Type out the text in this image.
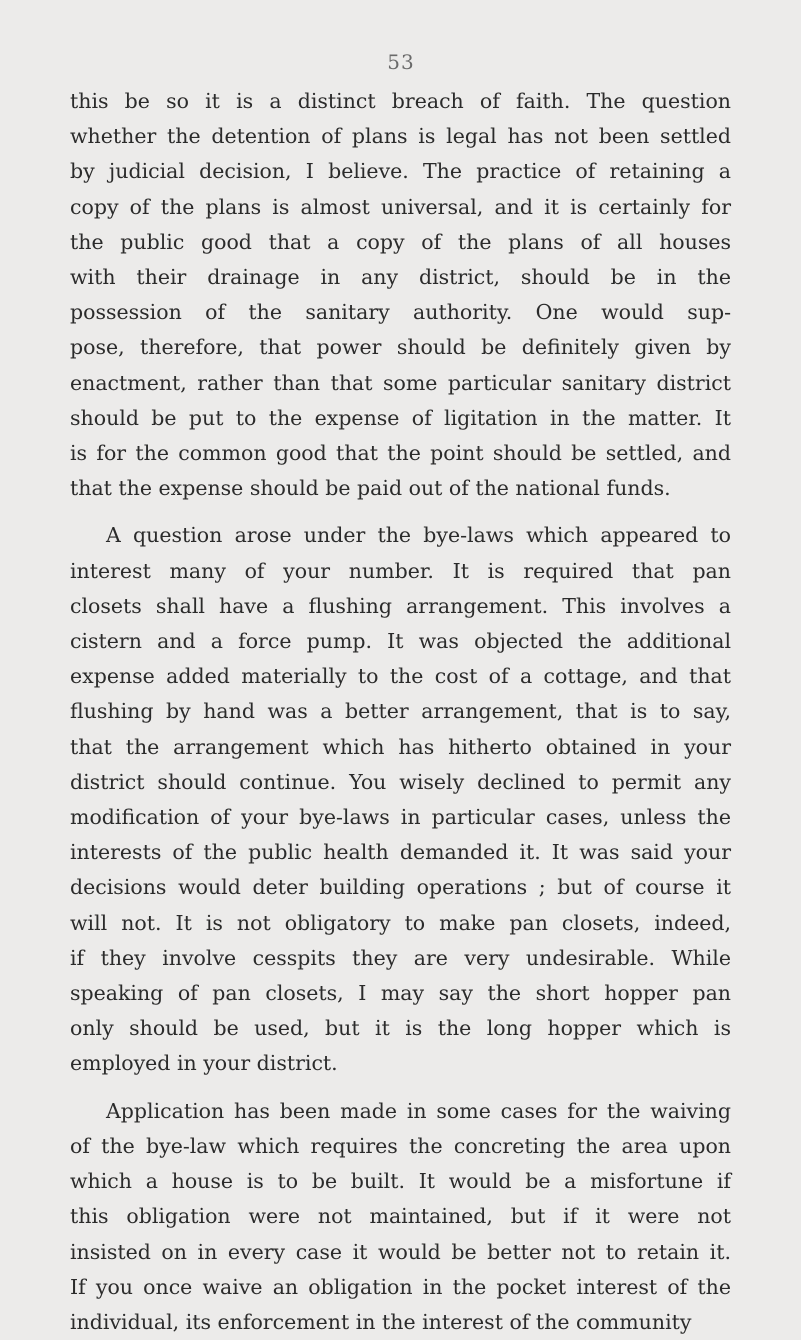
53

this be so it is a distinct breach of faith. The question
whether the detention of plans is legal has not been settled
by judicial decision, I believe. The practice of retaining a
copy of the plans is almost universal, and it is certainly for
the public good that a copy of the plans of all houses
with their drainage in any district, should be in the
possession of the sanitary authority. One would sup-
pose, therefore, that power should be definitely given by
enactment, rather than that some particular sanitary district
should be put to the expense of ligitation in the matter. It
is for the common good that the point should be settled, and
that the expense should be paid out of the national funds.

A question arose under the bye-laws which appeared to
interest many of your number. It is required that pan
closets shall have a flushing arrangement. This involves a
cistern and a force pump. It was objected the additional
expense added materially to the cost of a cottage, and that
flushing by hand was a better arrangement, that is to say,
that the arrangement which has hitherto obtained in your
district should continue. You wisely declined to permit any
modification of your bye-laws in particular cases, unless the
interests of the public health demanded it. It was said your
decisions would deter building operations ; but of course it
will not. It is not obligatory to make pan closets, indeed,
if they involve cesspits they are very undesirable. While
speaking of pan closets, I may say the short hopper pan
only should be used, but it is the long hopper which is
employed in your district.

Application has been made in some cases for the waiving
of the bye-law which requires the concreting the area upon
which a house is to be built. It would be a misfortune if
this obligation were not maintained, but if it were not
insisted on in every case it would be better not to retain it.
If you once waive an obligation in the pocket interest of the
individual, its enforcement in the interest of the community
